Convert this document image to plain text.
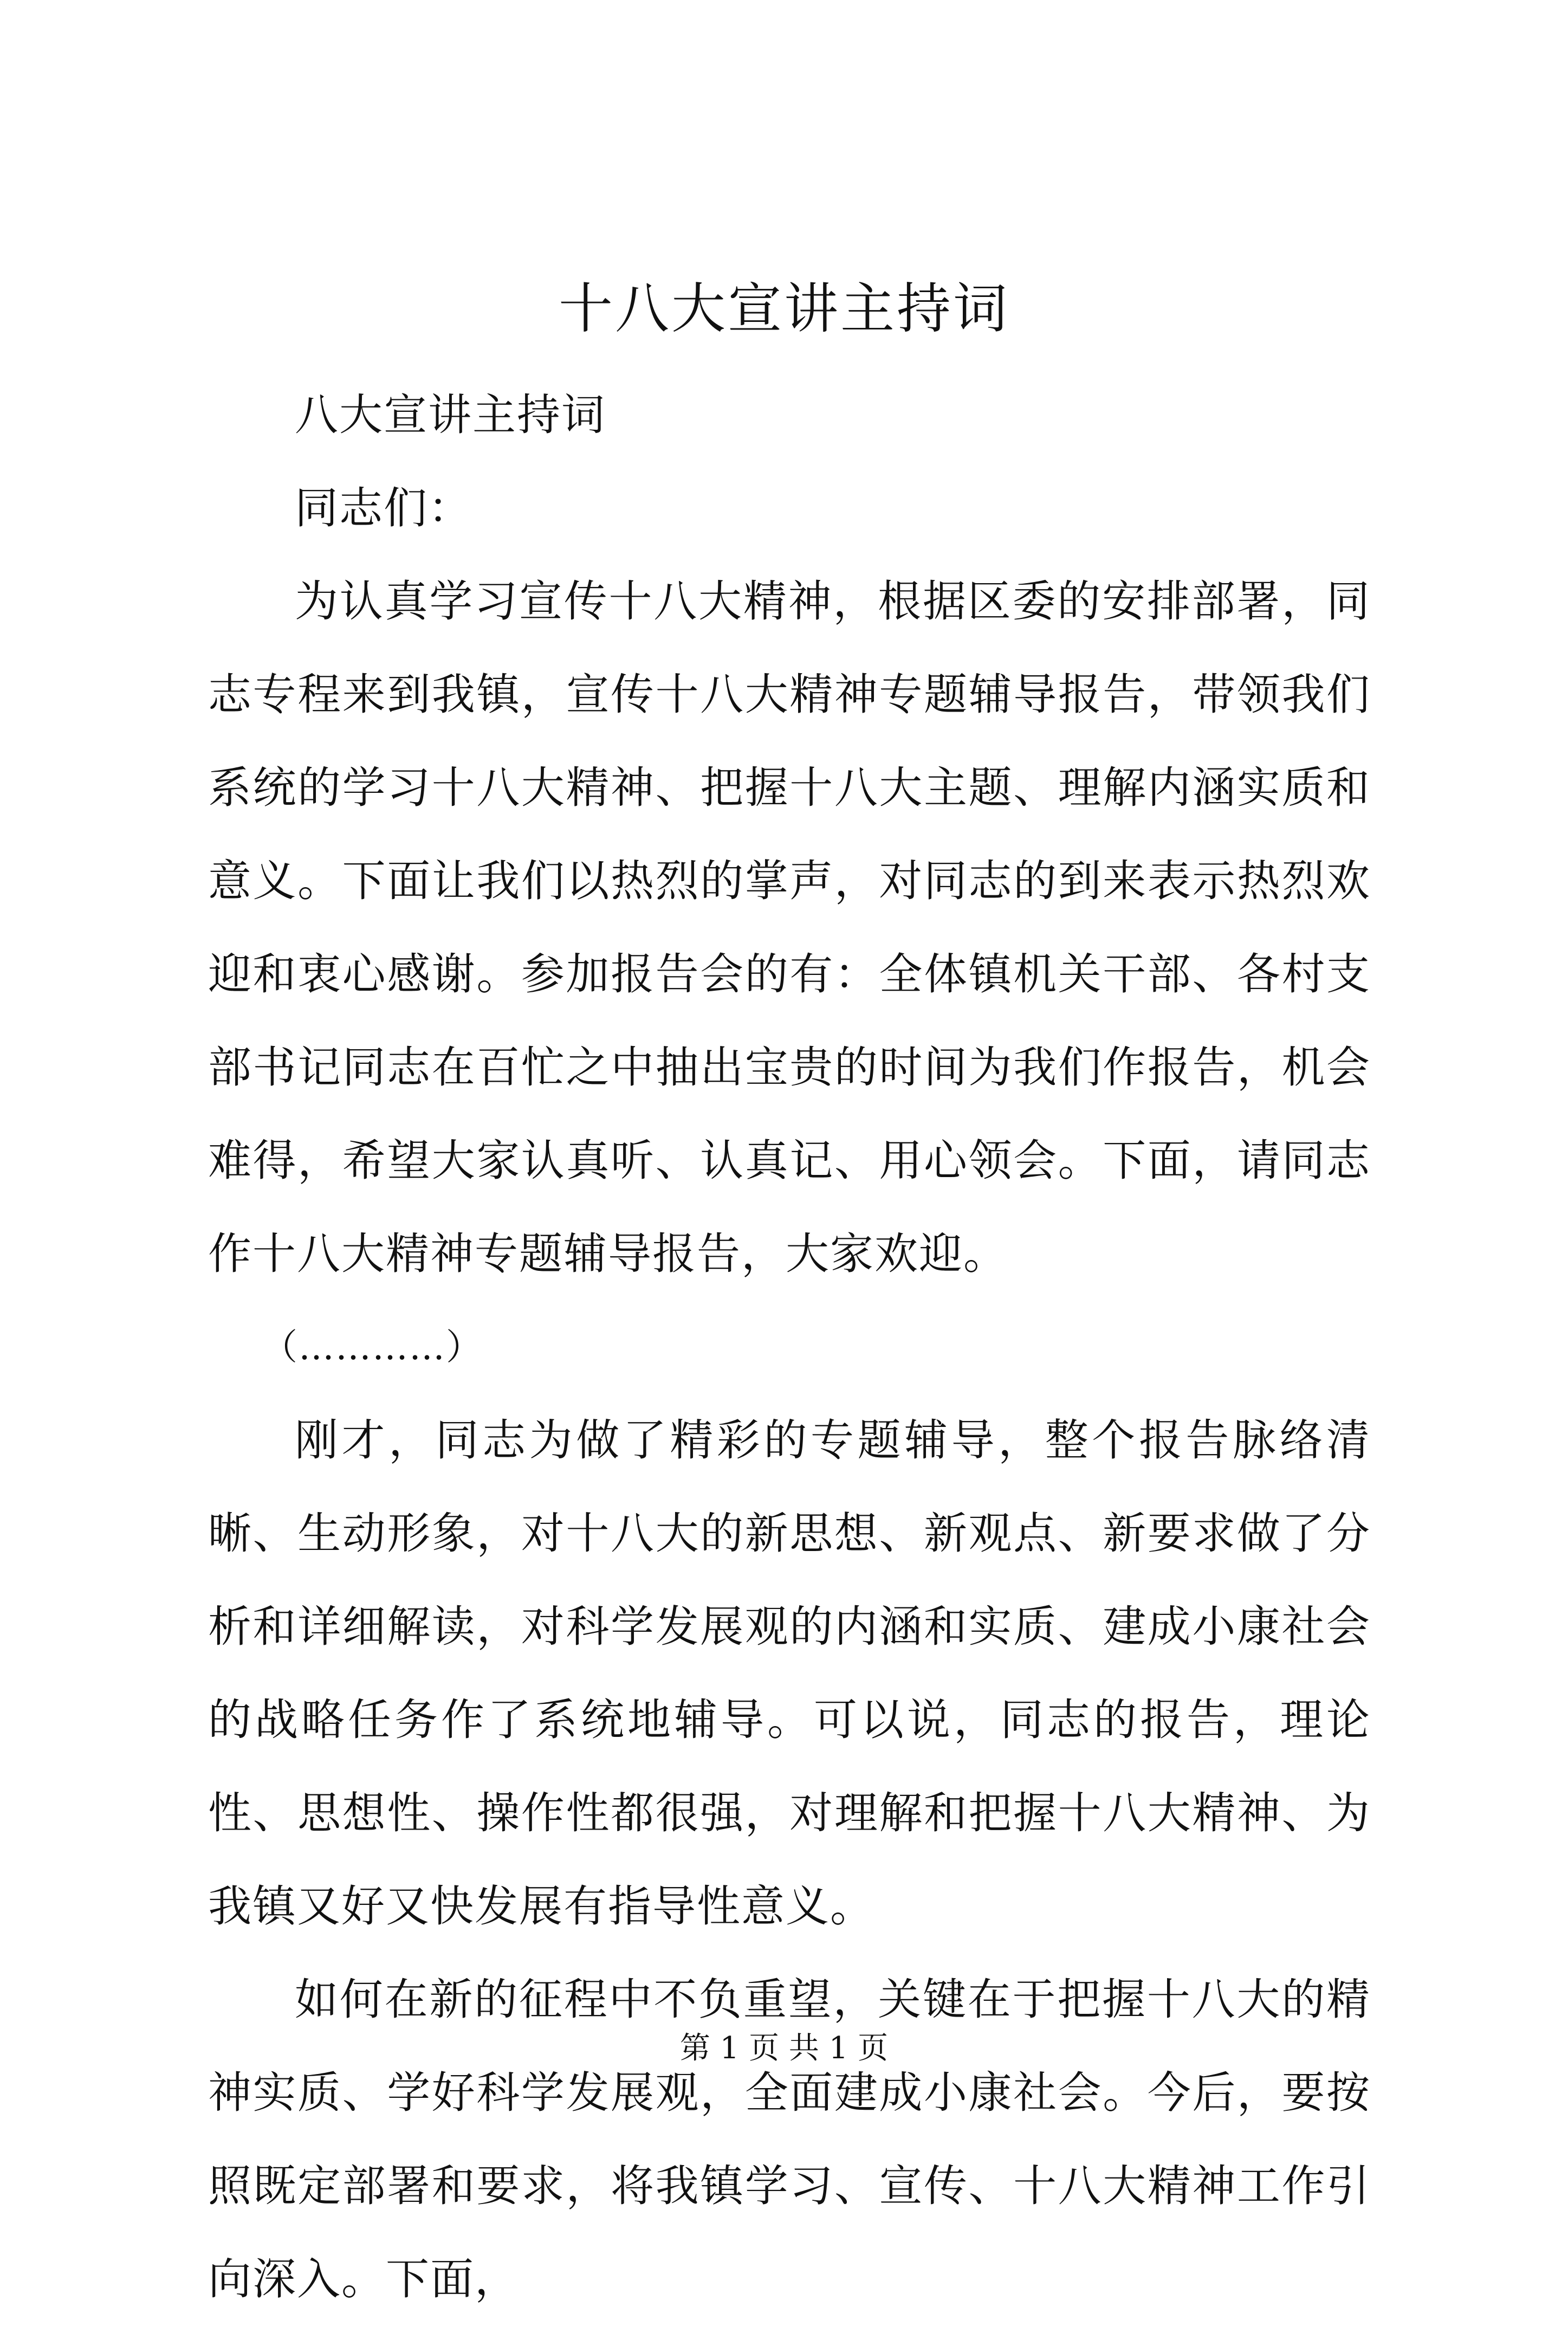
十八大宣讲主持词

八大宣讲主持词

同志们：

为认真学习宣传十八大精神，根据区委的安排部署，同志专程来到我镇，宣传十八大精神专题辅导报告，带领我们系统的学习十八大精神、把握十八大主题、理解内涵实质和意义。下面让我们以热烈的掌声，对同志的到来表示热烈欢迎和衷心感谢。参加报告会的有：全体镇机关干部、各村支部书记同志在百忙之中抽出宝贵的时间为我们作报告，机会难得，希望大家认真听、认真记、用心领会。下面，请同志作十八大精神专题辅导报告，大家欢迎。

（…………）

刚才，同志为做了精彩的专题辅导，整个报告脉络清晰、生动形象，对十八大的新思想、新观点、新要求做了分析和详细解读，对科学发展观的内涵和实质、建成小康社会的战略任务作了系统地辅导。可以说，同志的报告，理论性、思想性、操作性都很强，对理解和把握十八大精神、为我镇又好又快发展有指导性意义。

如何在新的征程中不负重望，关键在于把握十八大的精神实质、学好科学发展观，全面建成小康社会。今后，要按照既定部署和要求，将我镇学习、宣传、十八大精神工作引向深入。下面，

第 1 页 共 1 页
